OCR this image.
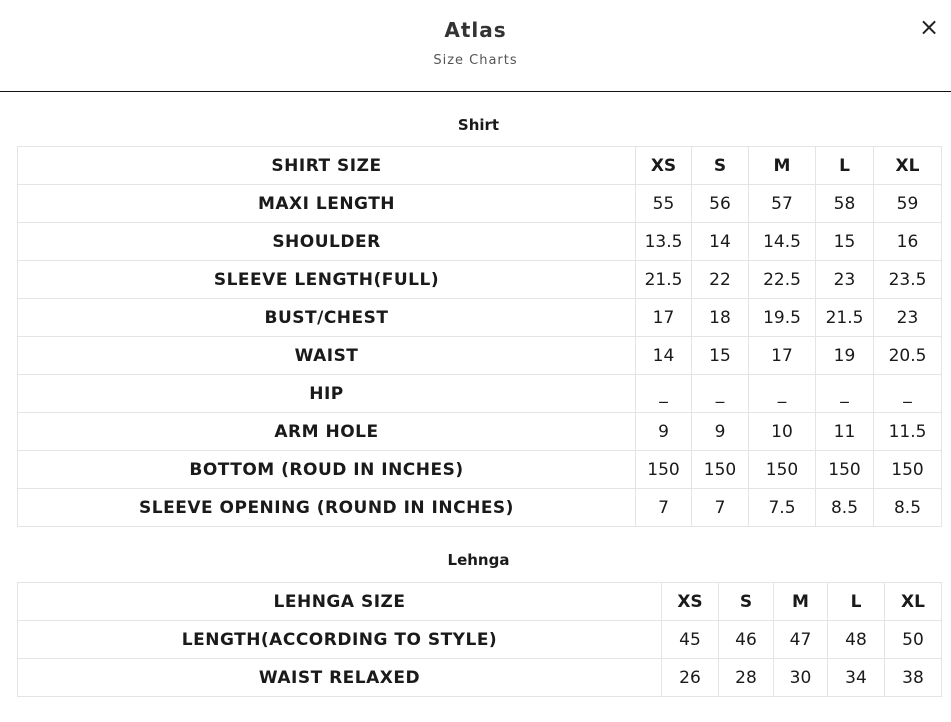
Atlas
Size Charts
×
Shirt
SHIRT SIZE	XS	S	M	L	XL
MAXI LENGTH	55	56	57	58	59
SHOULDER	13.5	14	14.5	15	16
SLEEVE LENGTH(FULL)	21.5	22	22.5	23	23.5
BUST/CHEST	17	18	19.5	21.5	23
WAIST	14	15	17	19	20.5
HIP	_	_	_	_	_
ARM HOLE	9	9	10	11	11.5
BOTTOM (ROUD IN INCHES)	150	150	150	150	150
SLEEVE OPENING (ROUND IN INCHES)	7	7	7.5	8.5	8.5
Lehnga
LEHNGA SIZE	XS	S	M	L	XL
LENGTH(ACCORDING TO STYLE)	45	46	47	48	50
WAIST RELAXED	26	28	30	34	38
